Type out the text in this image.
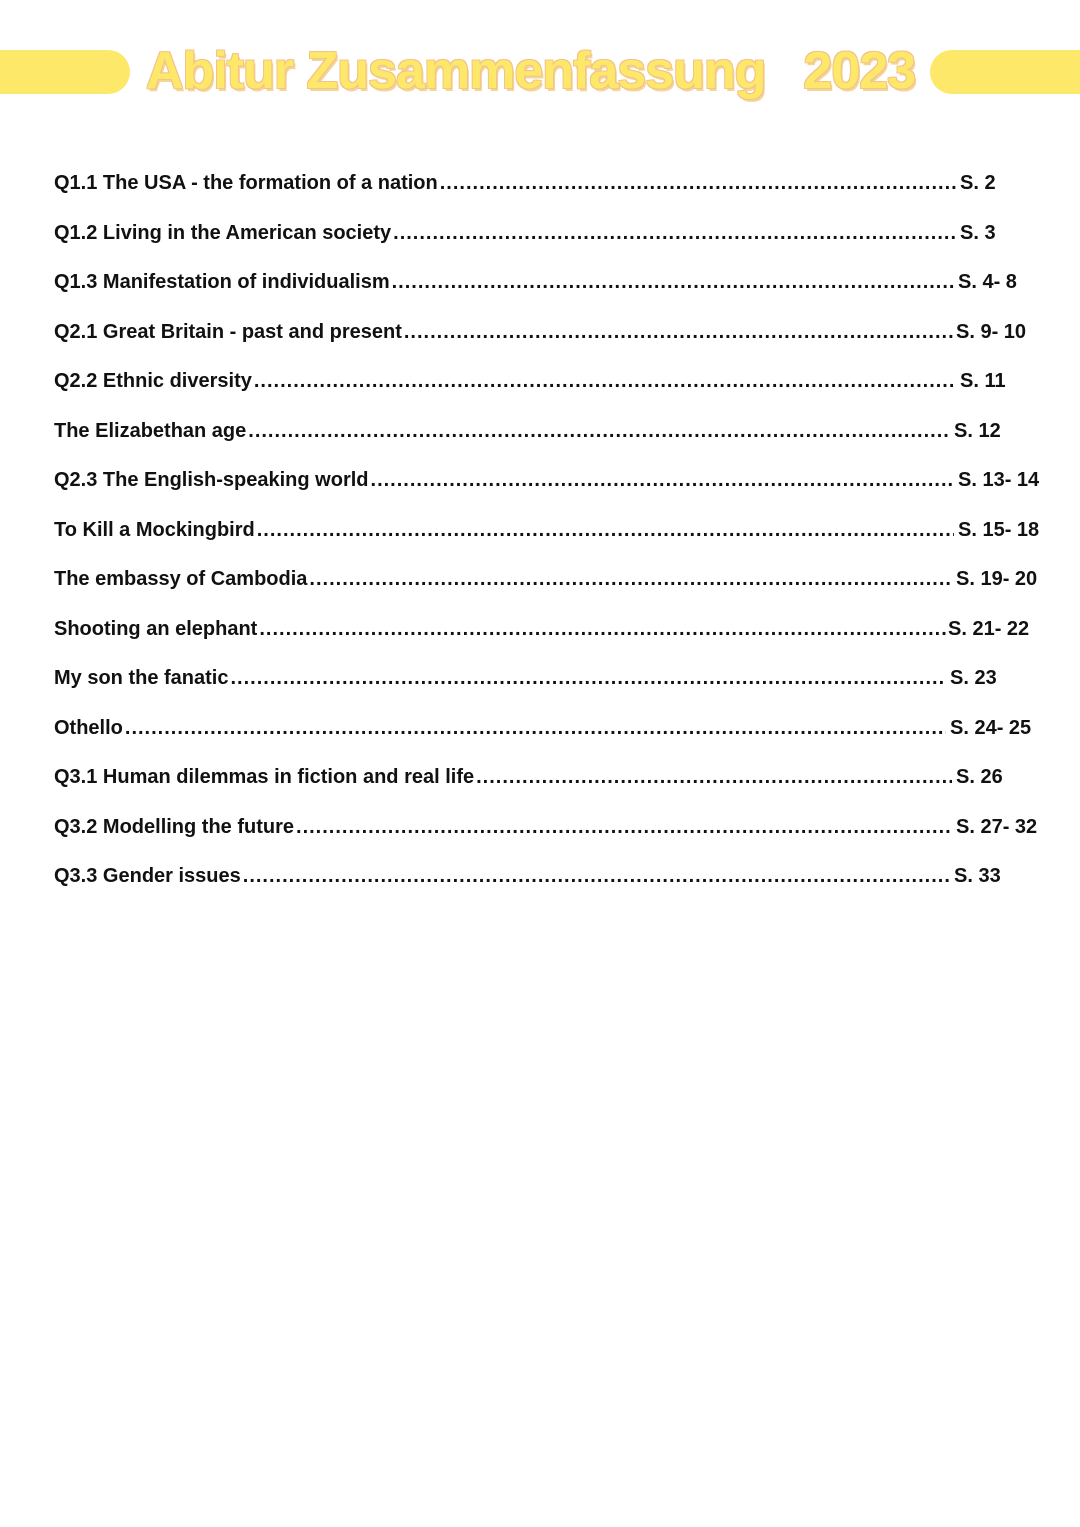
Abitur Zusammenfassung 2023
Q1.1 The USA - the formation of a nation .....	S. 2
Q1.2 Living in the American society .....	S. 3
Q1.3 Manifestation of individualism .....	S. 4- 8
Q2.1 Great Britain - past and present .....	S. 9- 10
Q2.2 Ethnic diversity .....	S. 11
The Elizabethan age .....	S. 12
Q2.3 The English-speaking world .....	S. 13- 14
To Kill a Mockingbird .....	S. 15- 18
The embassy of Cambodia .....	S. 19- 20
Shooting an elephant .....	S. 21- 22
My son the fanatic .....	S. 23
Othello .....	S. 24- 25
Q3.1 Human dilemmas in fiction and real life .....	S. 26
Q3.2 Modelling the future .....	S. 27- 32
Q3.3 Gender issues .....	S. 33
